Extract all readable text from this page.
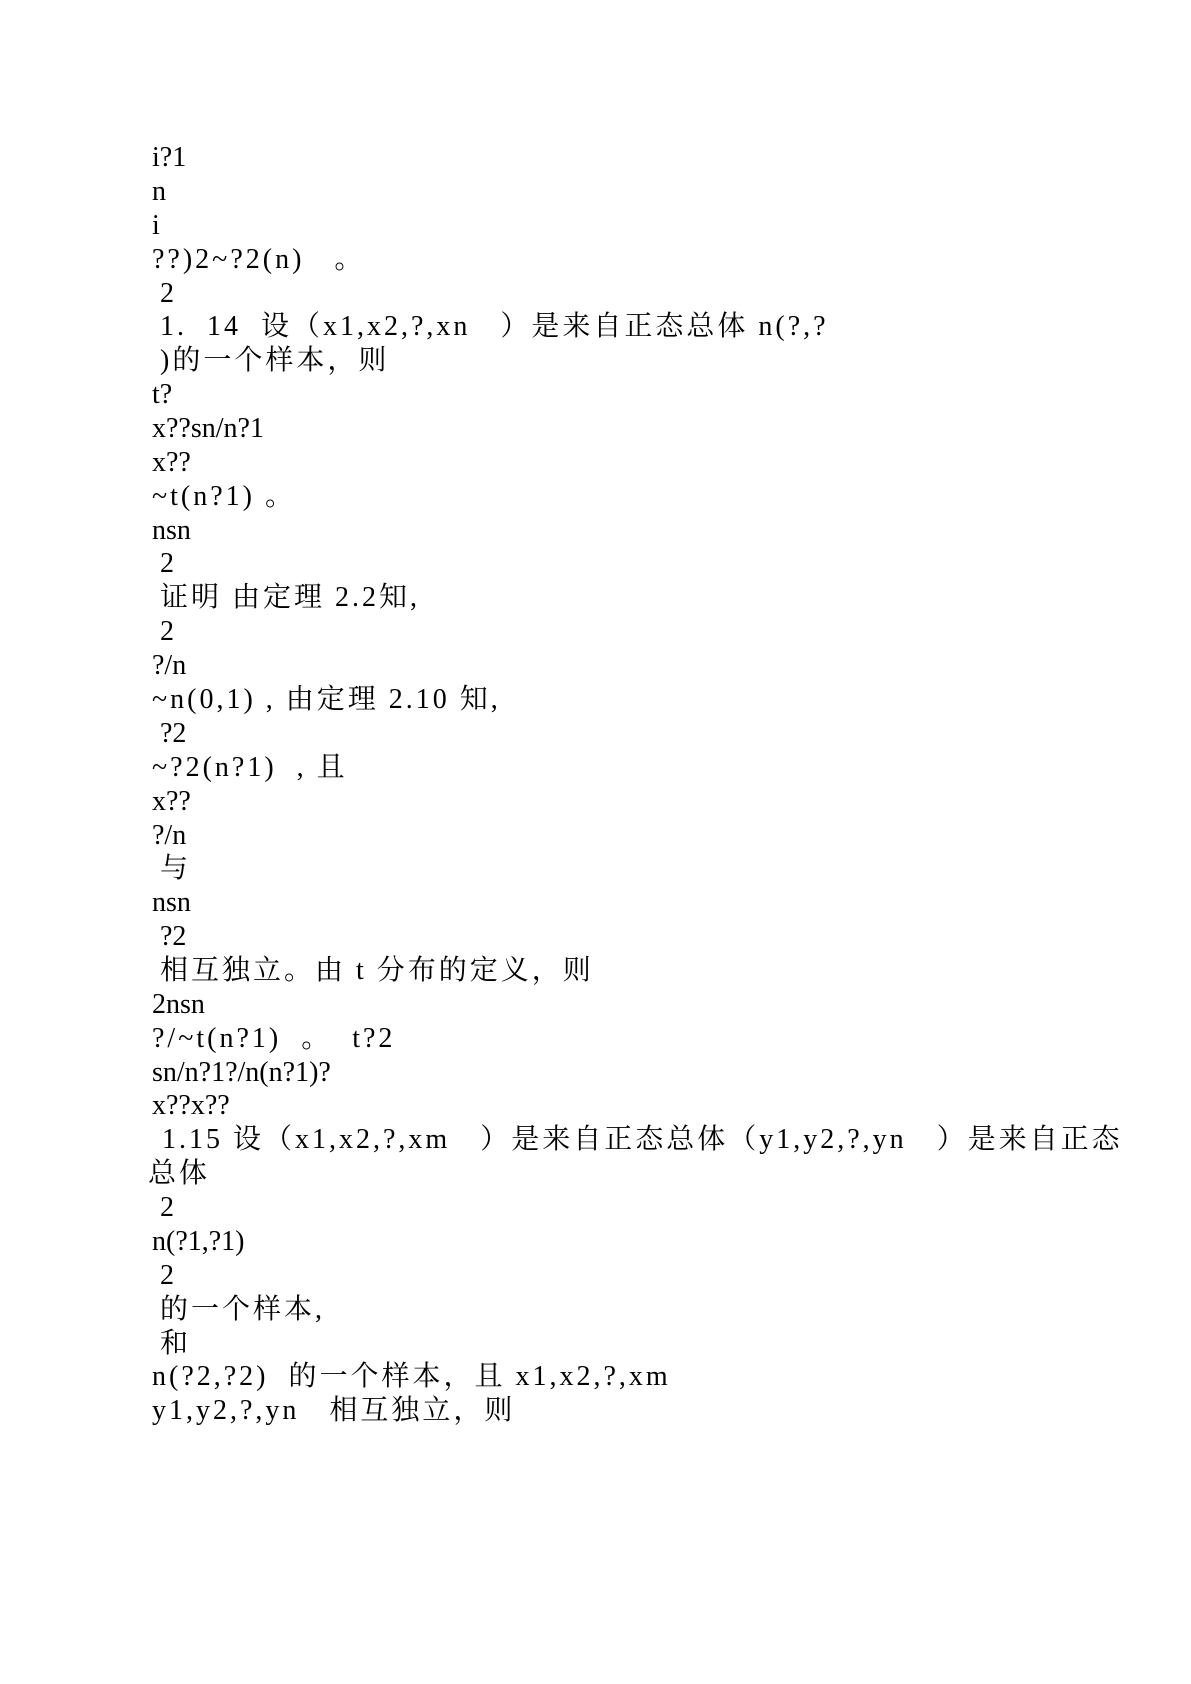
i?1
n
i
??)2~?2(n)   。
2
1.  14  设（x1,x2,?,xn   ）是来自正态总体 n(?,?
)的一个样本，则
t?
x??sn/n?1
x??
~t(n?1) 。
nsn
2
证明 由定理 2.2知,
2
?/n
~n(0,1) , 由定理 2.10 知,
?2
~?2(n?1)  , 且
x??
?/n
与
nsn
?2
相互独立。由 t 分布的定义，则
2nsn
?/~t(n?1)  。  t?2
sn/n?1?/n(n?1)?
x??x??
1.15 设（x1,x2,?,xm   ）是来自正态总体（y1,y2,?,yn   ）是来自正态
总体
2
n(?1,?1)
2
的一个样本,
和
n(?2,?2)  的一个样本，且 x1,x2,?,xm
y1,y2,?,yn   相互独立，则
